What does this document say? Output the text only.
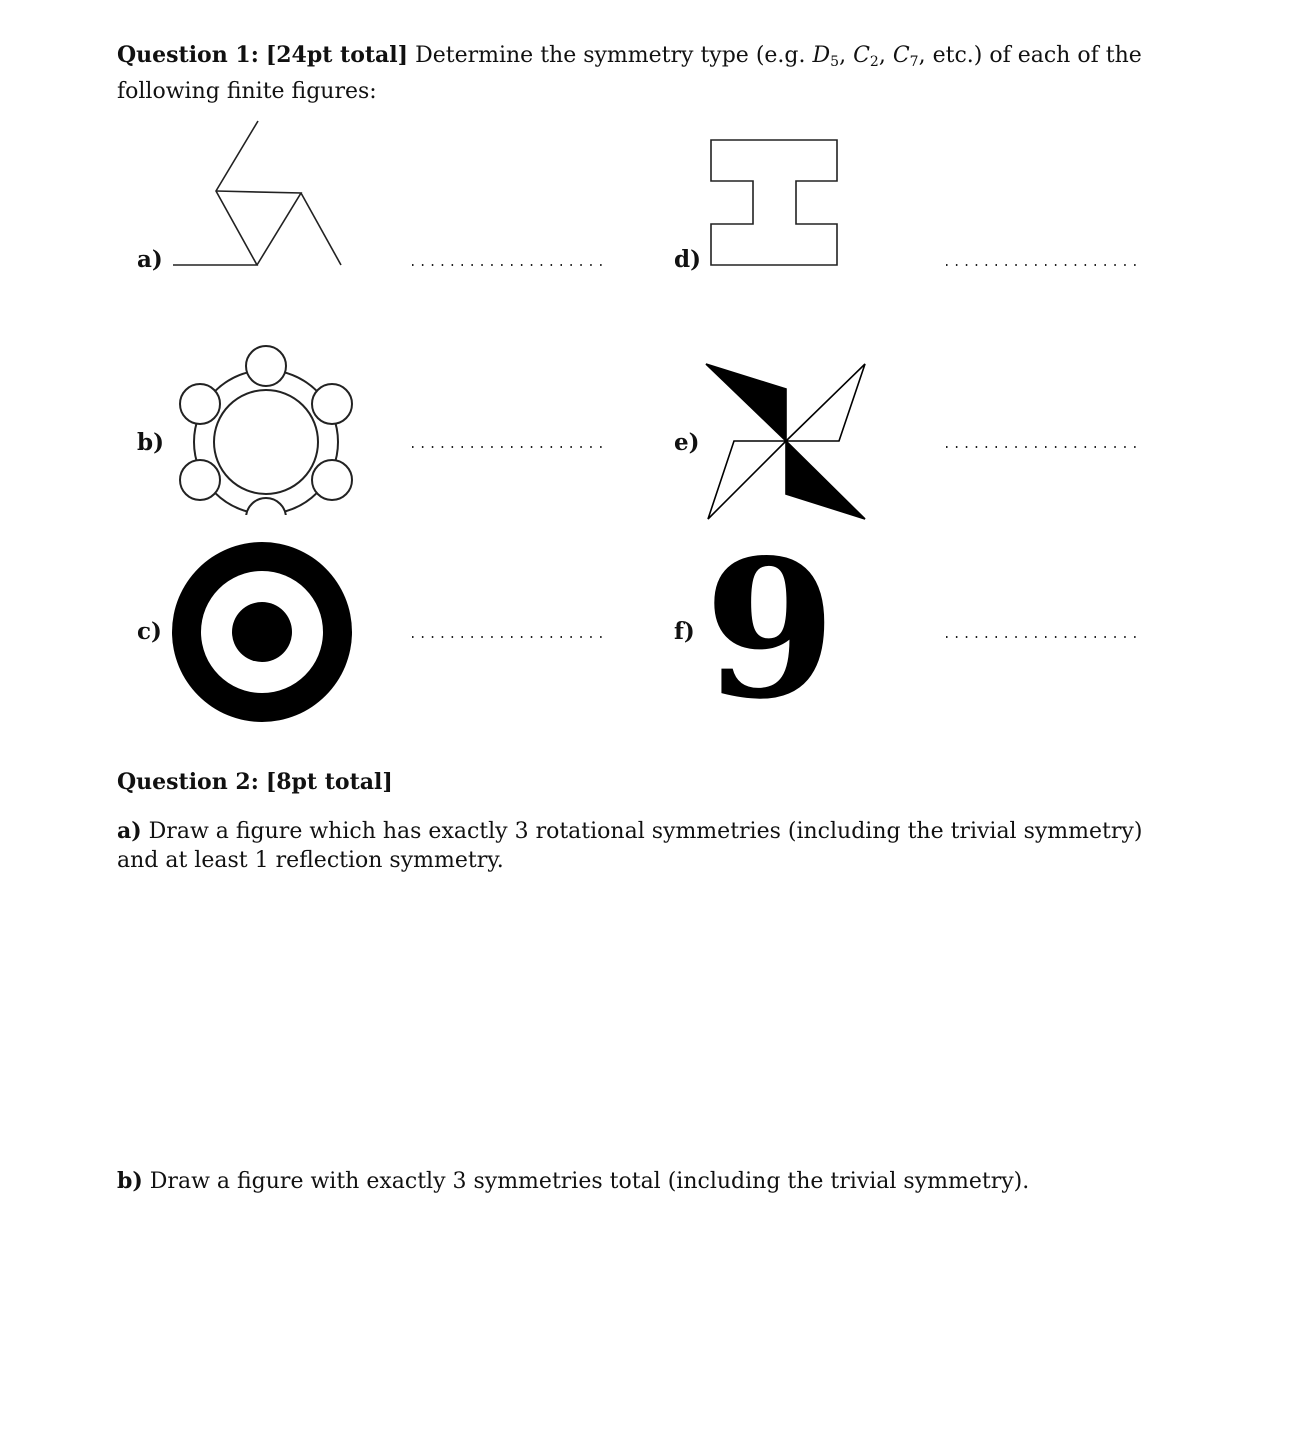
Question 1: [24pt total] Determine the symmetry type (e.g. $D_5$, $C_2$, $C_7$, etc.) of each of the following finite figures:

a)
b)
c)
d)
e)
f) 9

Question 2: [8pt total]

a) Draw a figure which has exactly 3 rotational symmetries (including the trivial symmetry) and at least 1 reflection symmetry.

b) Draw a figure with exactly 3 symmetries total (including the trivial symmetry).
